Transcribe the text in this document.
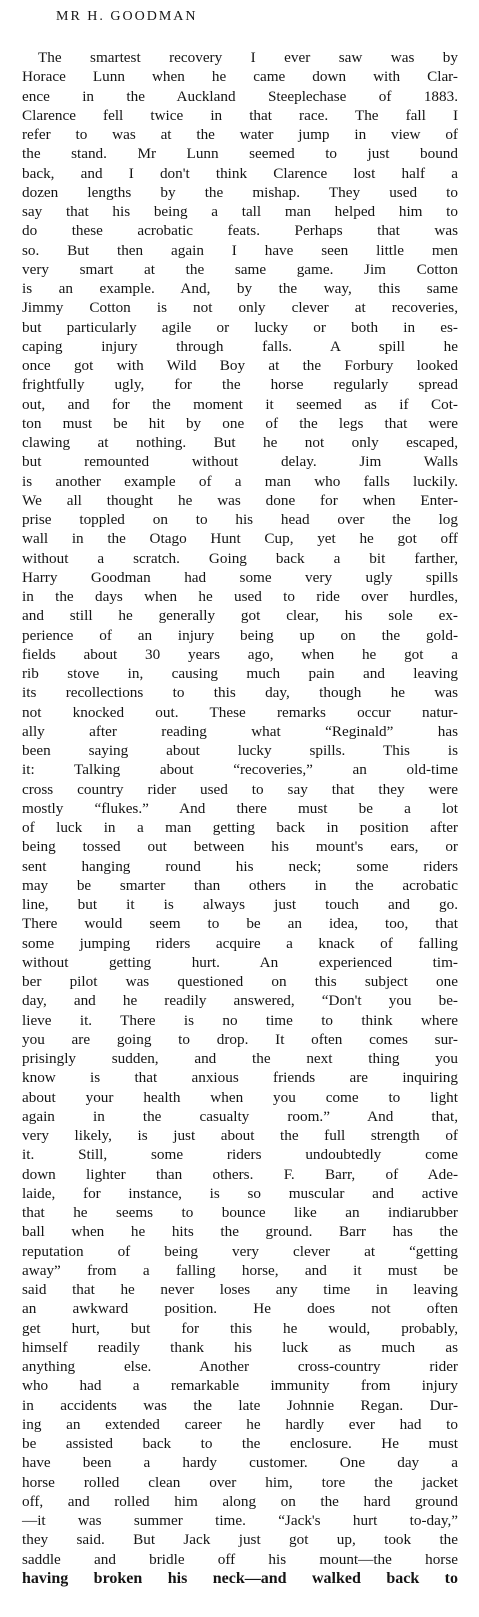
MR H. GOODMAN
The smartest recovery I ever saw was by
Horace Lunn when he came down with Clar-
ence in the Auckland Steeplechase of 1883.
Clarence fell twice in that race. The fall I
refer to was at the water jump in view of
the stand. Mr Lunn seemed to just bound
back, and I don't think Clarence lost half a
dozen lengths by the mishap. They used to
say that his being a tall man helped him to
do these acrobatic feats. Perhaps that was
so. But then again I have seen little men
very smart at the same game. Jim Cotton
is an example. And, by the way, this same
Jimmy Cotton is not only clever at recoveries,
but particularly agile or lucky or both in es-
caping injury through falls. A spill he
once got with Wild Boy at the Forbury looked
frightfully ugly, for the horse regularly spread
out, and for the moment it seemed as if Cot-
ton must be hit by one of the legs that were
clawing at nothing. But he not only escaped,
but remounted without delay. Jim Walls
is another example of a man who falls luckily.
We all thought he was done for when Enter-
prise toppled on to his head over the log
wall in the Otago Hunt Cup, yet he got off
without a scratch. Going back a bit farther,
Harry Goodman had some very ugly spills
in the days when he used to ride over hurdles,
and still he generally got clear, his sole ex-
perience of an injury being up on the gold-
fields about 30 years ago, when he got a
rib stove in, causing much pain and leaving
its recollections to this day, though he was
not knocked out. These remarks occur natur-
ally after reading what “Reginald” has
been saying about lucky spills. This is
it: Talking about “recoveries,” an old-time
cross country rider used to say that they were
mostly “flukes.” And there must be a lot
of luck in a man getting back in position after
being tossed out between his mount's ears, or
sent hanging round his neck; some riders
may be smarter than others in the acrobatic
line, but it is always just touch and go.
There would seem to be an idea, too, that
some jumping riders acquire a knack of falling
without getting hurt. An experienced tim-
ber pilot was questioned on this subject one
day, and he readily answered, “Don't you be-
lieve it. There is no time to think where
you are going to drop. It often comes sur-
prisingly sudden, and the next thing you
know is that anxious friends are inquiring
about your health when you come to light
again in the casualty room.” And that,
very likely, is just about the full strength of
it. Still, some riders undoubtedly come
down lighter than others. F. Barr, of Ade-
laide, for instance, is so muscular and active
that he seems to bounce like an indiarubber
ball when he hits the ground. Barr has the
reputation of being very clever at “getting
away” from a falling horse, and it must be
said that he never loses any time in leaving
an awkward position. He does not often
get hurt, but for this he would, probably,
himself readily thank his luck as much as
anything else. Another cross-country rider
who had a remarkable immunity from injury
in accidents was the late Johnnie Regan. Dur-
ing an extended career he hardly ever had to
be assisted back to the enclosure. He must
have been a hardy customer. One day a
horse rolled clean over him, tore the jacket
off, and rolled him along on the hard ground
—it was summer time. “Jack's hurt to-day,”
they said. But Jack just got up, took the
saddle and bridle off his mount—the horse
having broken his neck—and walked back to
